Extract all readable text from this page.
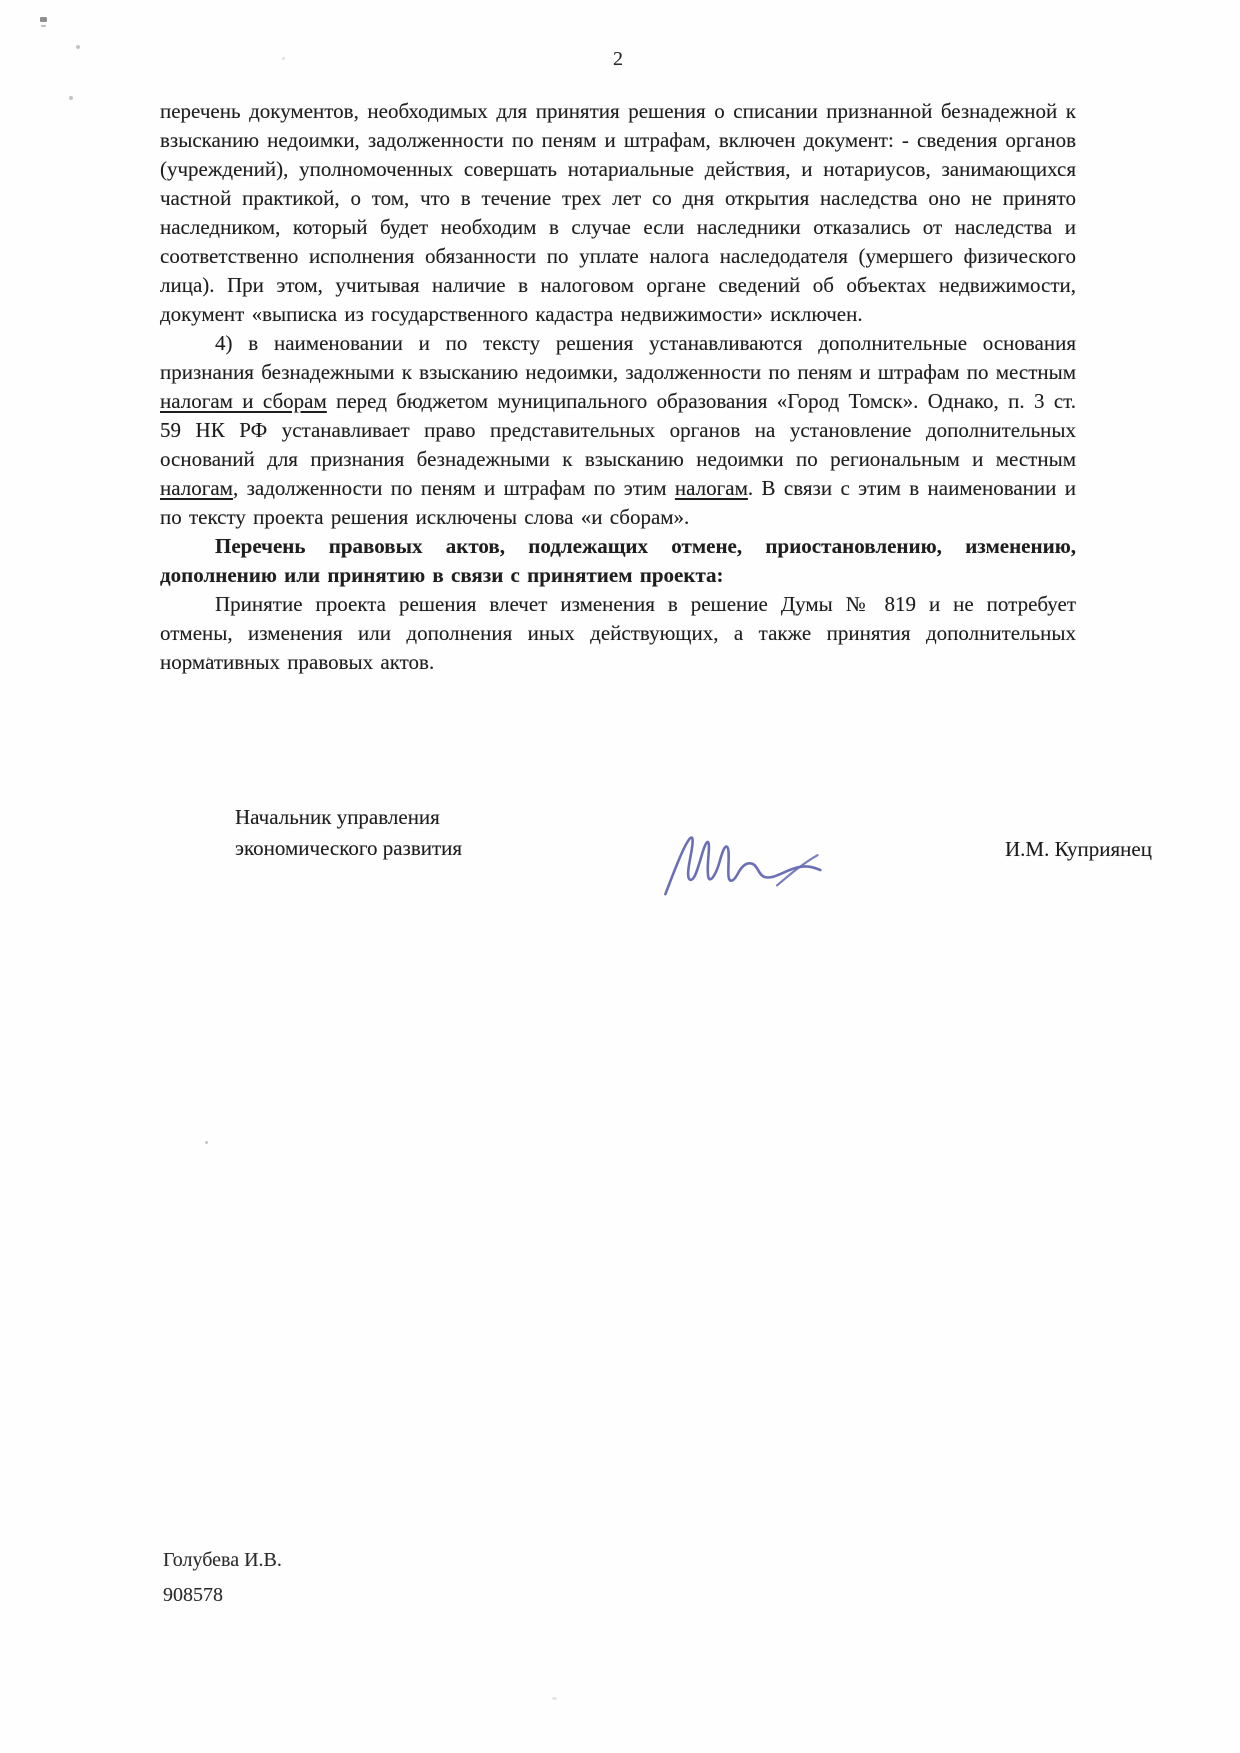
2

перечень документов, необходимых для принятия решения о списании признанной безнадежной к взысканию недоимки, задолженности по пеням и штрафам, включен документ: - сведения органов (учреждений), уполномоченных совершать нотариальные действия, и нотариусов, занимающихся частной практикой, о том, что в течение трех лет со дня открытия наследства оно не принято наследником, который будет необходим в случае если наследники отказались от наследства и соответственно исполнения обязанности по уплате налога наследодателя (умершего физического лица). При этом, учитывая наличие в налоговом органе сведений об объектах недвижимости, документ «выписка из государственного кадастра недвижимости» исключен.

4) в наименовании и по тексту решения устанавливаются дополнительные основания признания безнадежными к взысканию недоимки, задолженности по пеням и штрафам по местным налогам и сборам перед бюджетом муниципального образования «Город Томск». Однако, п. 3 ст. 59 НК РФ устанавливает право представительных органов на установление дополнительных оснований для признания безнадежными к взысканию недоимки по региональным и местным налогам, задолженности по пеням и штрафам по этим налогам. В связи с этим в наименовании и по тексту проекта решения исключены слова «и сборам».

Перечень правовых актов, подлежащих отмене, приостановлению, изменению, дополнению или принятию в связи с принятием проекта:

Принятие проекта решения влечет изменения в решение Думы № 819 и не потребует отмены, изменения или дополнения иных действующих, а также принятия дополнительных нормативных правовых актов.

Начальник управления
экономического развития	И.М. Куприянец
Голубева И.В.
908578
